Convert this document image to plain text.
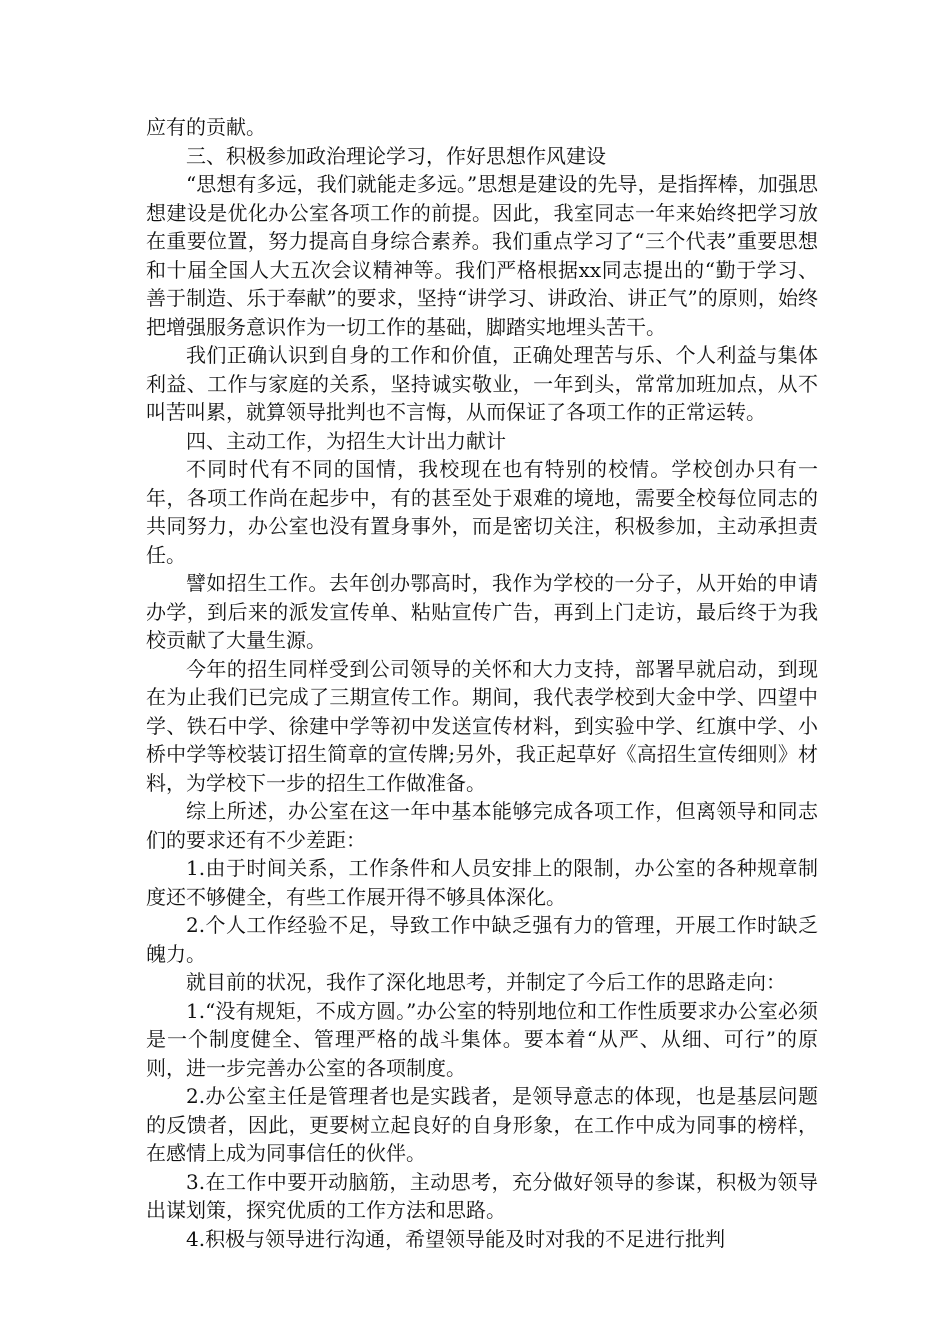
应有的贡献。

三、积极参加政治理论学习，作好思想作风建设

“思想有多远，我们就能走多远。”思想是建设的先导，是指挥棒，加强思想建设是优化办公室各项工作的前提。因此，我室同志一年来始终把学习放在重要位置，努力提高自身综合素养。我们重点学习了“三个代表”重要思想和十届全国人大五次会议精神等。我们严格根据xx同志提出的“勤于学习、善于制造、乐于奉献”的要求，坚持“讲学习、讲政治、讲正气”的原则，始终把增强服务意识作为一切工作的基础，脚踏实地埋头苦干。

我们正确认识到自身的工作和价值，正确处理苦与乐、个人利益与集体利益、工作与家庭的关系，坚持诚实敬业，一年到头，常常加班加点，从不叫苦叫累，就算领导批判也不言悔，从而保证了各项工作的正常运转。

四、主动工作，为招生大计出力献计

不同时代有不同的国情，我校现在也有特别的校情。学校创办只有一年，各项工作尚在起步中，有的甚至处于艰难的境地，需要全校每位同志的共同努力，办公室也没有置身事外，而是密切关注，积极参加，主动承担责任。

譬如招生工作。去年创办鄂高时，我作为学校的一分子，从开始的申请办学，到后来的派发宣传单、粘贴宣传广告，再到上门走访，最后终于为我校贡献了大量生源。

今年的招生同样受到公司领导的关怀和大力支持，部署早就启动，到现在为止我们已完成了三期宣传工作。期间，我代表学校到大金中学、四望中学、铁石中学、徐建中学等初中发送宣传材料，到实验中学、红旗中学、小桥中学等校装订招生简章的宣传牌;另外，我正起草好《高招生宣传细则》材料，为学校下一步的招生工作做准备。

综上所述，办公室在这一年中基本能够完成各项工作，但离领导和同志们的要求还有不少差距：

1.由于时间关系，工作条件和人员安排上的限制，办公室的各种规章制度还不够健全，有些工作展开得不够具体深化。

2.个人工作经验不足，导致工作中缺乏强有力的管理，开展工作时缺乏魄力。

就目前的状况，我作了深化地思考，并制定了今后工作的思路走向：

1.“没有规矩，不成方圆。”办公室的特别地位和工作性质要求办公室必须是一个制度健全、管理严格的战斗集体。要本着“从严、从细、可行”的原则，进一步完善办公室的各项制度。

2.办公室主任是管理者也是实践者，是领导意志的体现，也是基层问题的反馈者，因此，更要树立起良好的自身形象，在工作中成为同事的榜样，在感情上成为同事信任的伙伴。

3.在工作中要开动脑筋，主动思考，充分做好领导的参谋，积极为领导出谋划策，探究优质的工作方法和思路。

4.积极与领导进行沟通，希望领导能及时对我的不足进行批判
